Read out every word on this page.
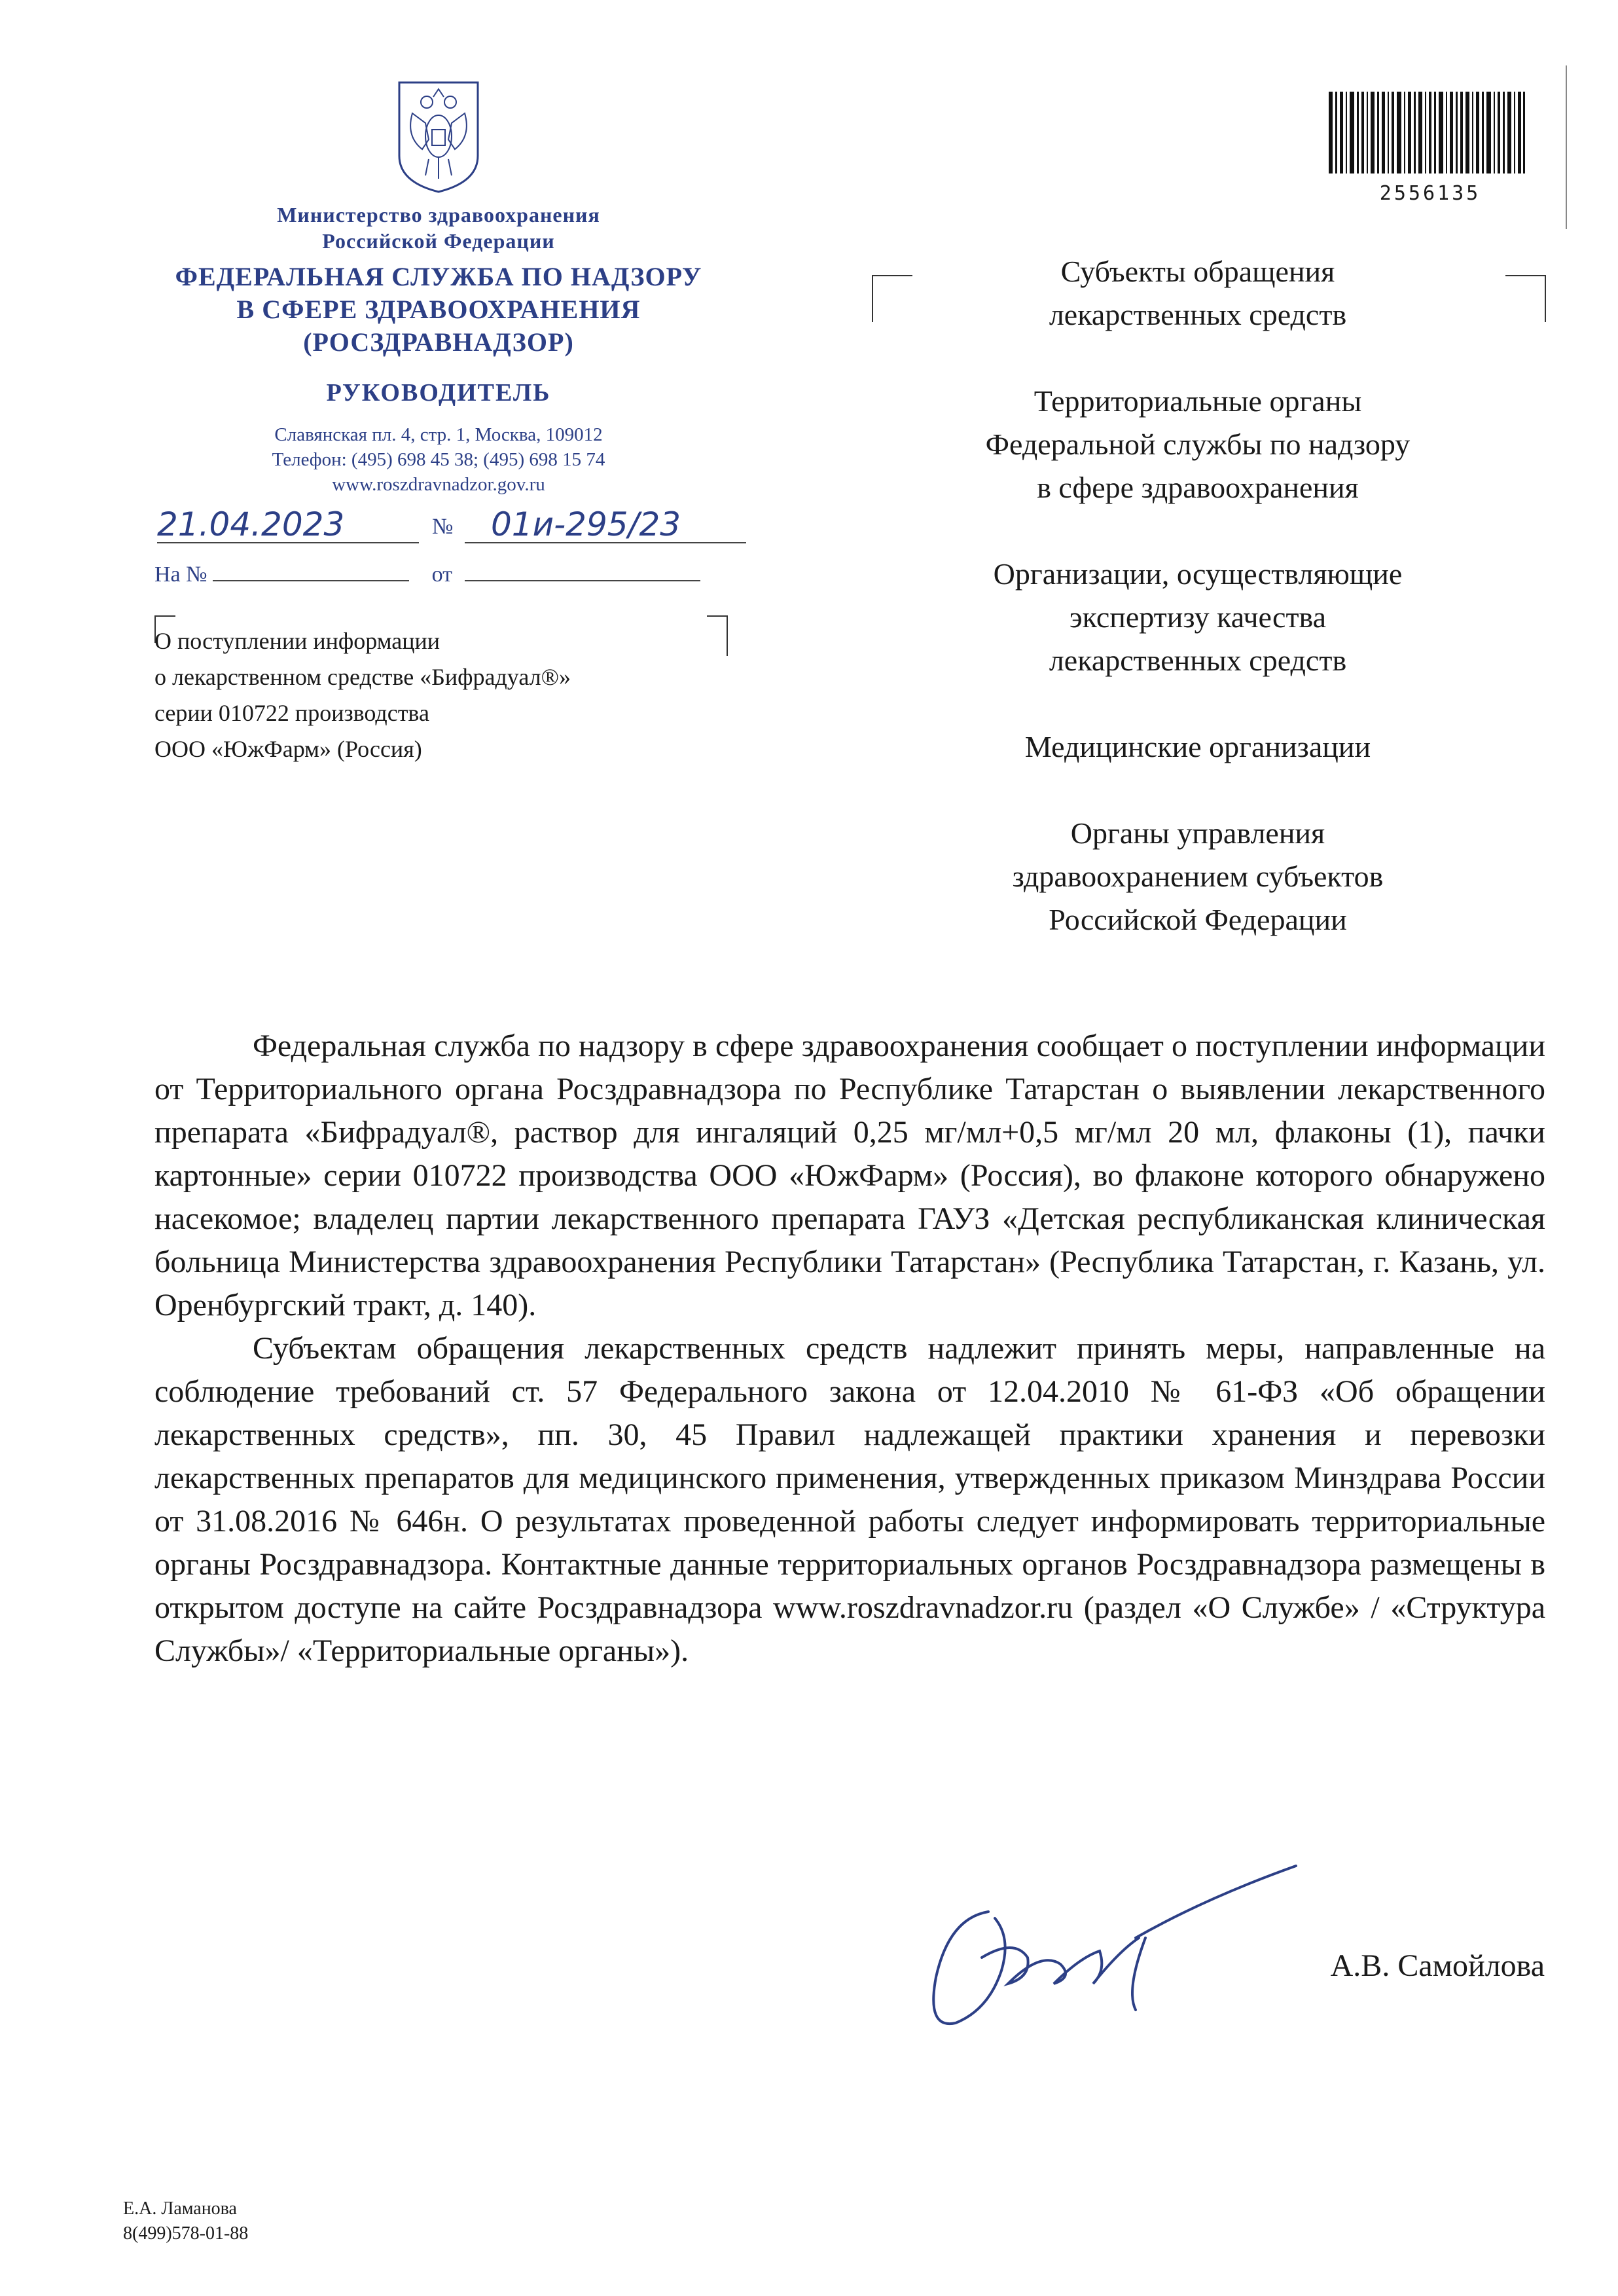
Министерство здравоохранения
Российской Федерации
ФЕДЕРАЛЬНАЯ СЛУЖБА ПО НАДЗОРУ
В СФЕРЕ ЗДРАВООХРАНЕНИЯ
(РОСЗДРАВНАДЗОР)
РУКОВОДИТЕЛЬ
Славянская пл. 4, стр. 1, Москва, 109012
Телефон: (495) 698 45 38; (495) 698 15 74
www.roszdravnadzor.gov.ru
21.04.2023	№ 01и-295/23
На №	от
О поступлении информации
о лекарственном средстве «Бифрадуал®»
серии 010722 производства
ООО «ЮжФарм» (Россия)
2556135
Субъекты обращения
лекарственных средств
Территориальные органы
Федеральной службы по надзору
в сфере здравоохранения
Организации, осуществляющие
экспертизу качества
лекарственных средств
Медицинские организации
Органы управления
здравоохранением субъектов
Российской Федерации

Федеральная служба по надзору в сфере здравоохранения сообщает о поступлении информации от Территориального органа Росздравнадзора по Республике Татарстан о выявлении лекарственного препарата «Бифрадуал®, раствор для ингаляций 0,25 мг/мл+0,5 мг/мл 20 мл, флаконы (1), пачки картонные» серии 010722 производства ООО «ЮжФарм» (Россия), во флаконе которого обнаружено насекомое; владелец партии лекарственного препарата ГАУЗ «Детская республиканская клиническая больница Министерства здравоохранения Республики Татарстан» (Республика Татарстан, г. Казань, ул. Оренбургский тракт, д. 140).

Субъектам обращения лекарственных средств надлежит принять меры, направленные на соблюдение требований ст. 57 Федерального закона от 12.04.2010 № 61-ФЗ «Об обращении лекарственных средств», пп. 30, 45 Правил надлежащей практики хранения и перевозки лекарственных препаратов для медицинского применения, утвержденных приказом Минздрава России от 31.08.2016 № 646н. О результатах проведенной работы следует информировать территориальные органы Росздравнадзора. Контактные данные территориальных органов Росздравнадзора размещены в открытом доступе на сайте Росздравнадзора www.roszdravnadzor.ru (раздел «О Службе» / «Структура Службы»/ «Территориальные органы»).

А.В. Самойлова
Е.А. Ламанова
8(499)578-01-88
